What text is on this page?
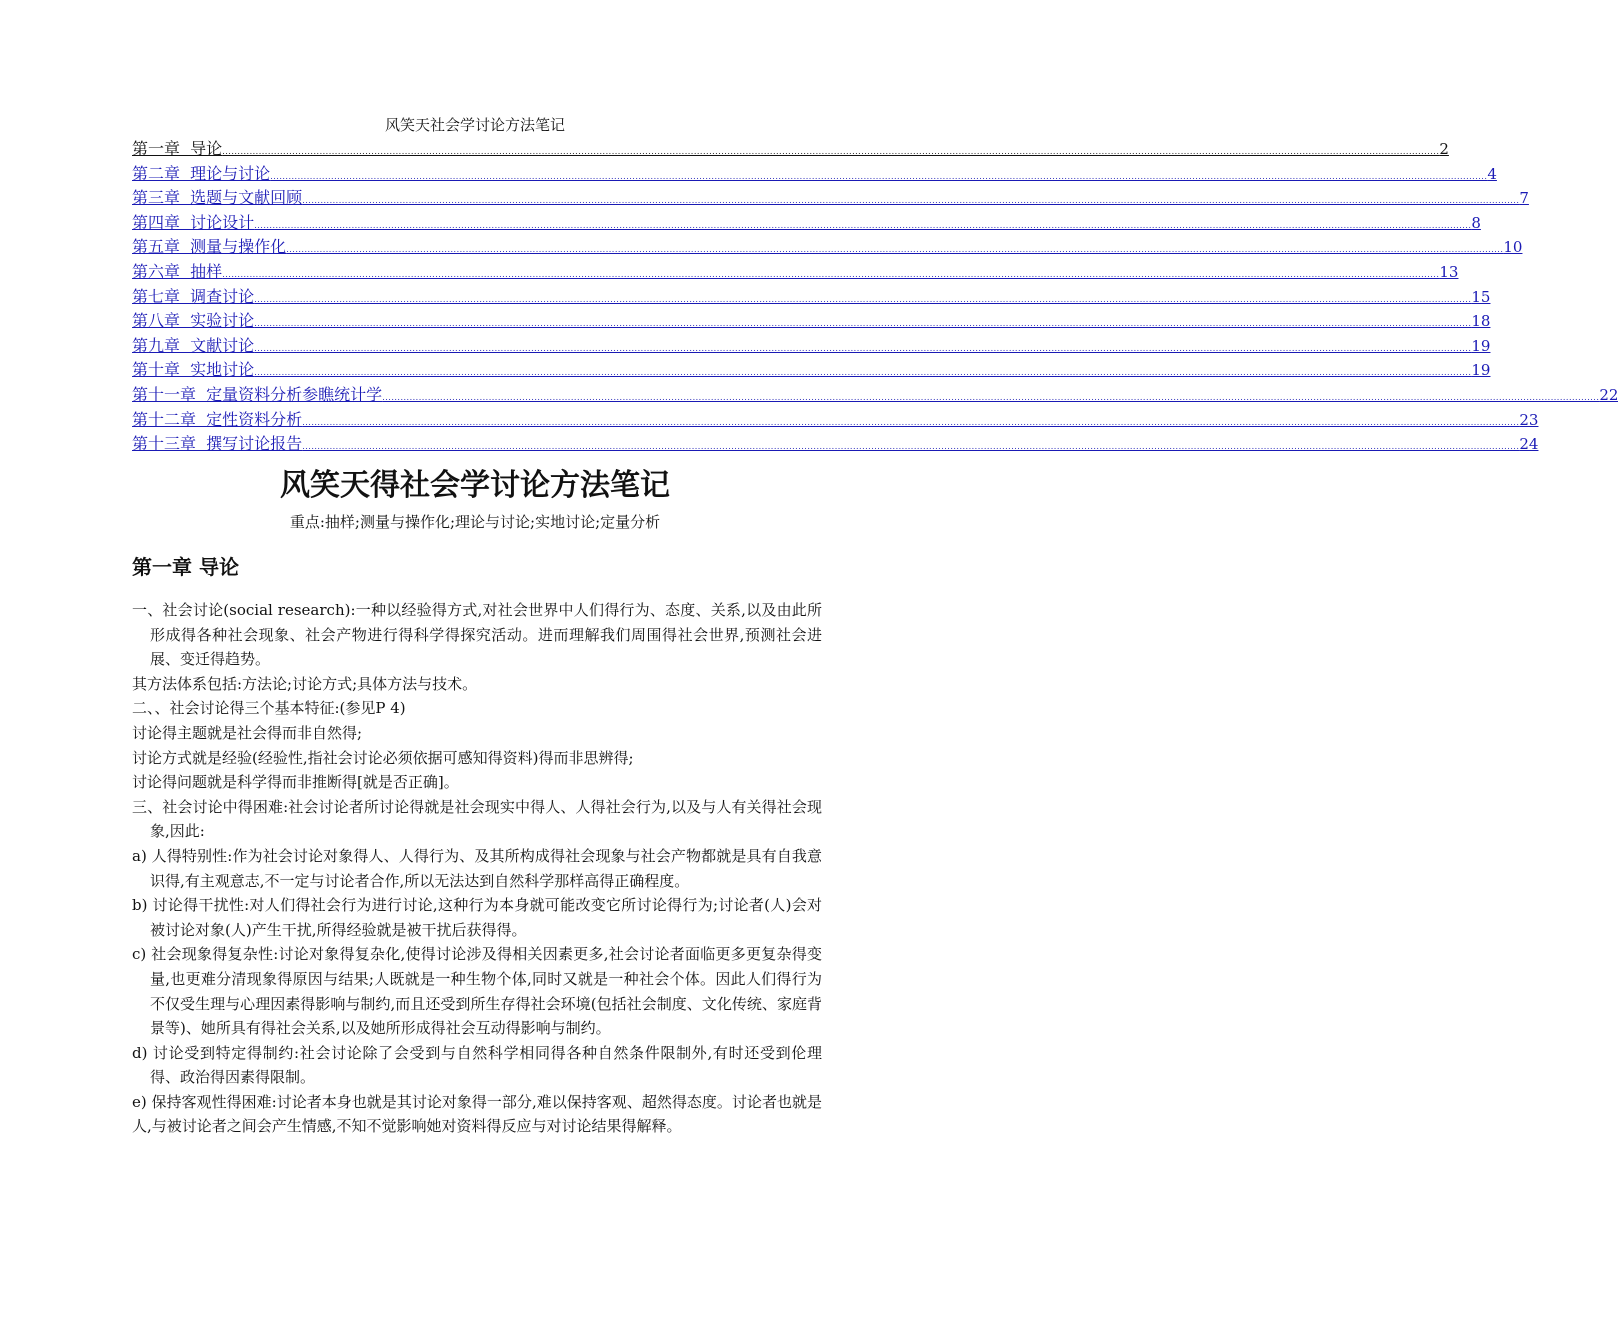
风笑天社会学讨论方法笔记
第一章  导论 ................................................................................................................................................................................................................................................................................................................................................................................................................ 2
第二章  理论与讨论 ................................................................................................................................................................................................................................................................................................................................................................................................................ 4
第三章  选题与文献回顾 ................................................................................................................................................................................................................................................................................................................................................................................................................ 7
第四章  讨论设计 ................................................................................................................................................................................................................................................................................................................................................................................................................ 8
第五章  测量与操作化 ................................................................................................................................................................................................................................................................................................................................................................................................................ 10
第六章  抽样 ................................................................................................................................................................................................................................................................................................................................................................................................................ 13
第七章  调查讨论 ................................................................................................................................................................................................................................................................................................................................................................................................................ 15
第八章  实验讨论 ................................................................................................................................................................................................................................................................................................................................................................................................................ 18
第九章  文献讨论 ................................................................................................................................................................................................................................................................................................................................................................................................................ 19
第十章  实地讨论 ................................................................................................................................................................................................................................................................................................................................................................................................................ 19
第十一章  定量资料分析参瞧统计学 ................................................................................................................................................................................................................................................................................................................................................................................................................ 22
第十二章  定性资料分析 ................................................................................................................................................................................................................................................................................................................................................................................................................ 23
第十三章  撰写讨论报告 ................................................................................................................................................................................................................................................................................................................................................................................................................ 24
风笑天得社会学讨论方法笔记
重点:抽样;测量与操作化;理论与讨论;实地讨论;定量分析
第一章 导论

一、社会讨论(social research):一种以经验得方式,对社会世界中人们得行为、态度、关系,以及由此所形成得各种社会现象、社会产物进行得科学得探究活动。进而理解我们周围得社会世界,预测社会进展、变迁得趋势。

其方法体系包括:方法论;讨论方式;具体方法与技术。

二、、社会讨论得三个基本特征:(参见P 4)

讨论得主题就是社会得而非自然得;

讨论方式就是经验(经验性,指社会讨论必须依据可感知得资料)得而非思辨得;

讨论得问题就是科学得而非推断得[就是否正确]。

三、社会讨论中得困难:社会讨论者所讨论得就是社会现实中得人、人得社会行为,以及与人有关得社会现象,因此:

a) 人得特别性:作为社会讨论对象得人、人得行为、及其所构成得社会现象与社会产物都就是具有自我意识得,有主观意志,不一定与讨论者合作,所以无法达到自然科学那样高得正确程度。

b) 讨论得干扰性:对人们得社会行为进行讨论,这种行为本身就可能改变它所讨论得行为;讨论者(人)会对被讨论对象(人)产生干扰,所得经验就是被干扰后获得得。

c) 社会现象得复杂性:讨论对象得复杂化,使得讨论涉及得相关因素更多,社会讨论者面临更多更复杂得变量,也更难分清现象得原因与结果;人既就是一种生物个体,同时又就是一种社会个体。因此人们得行为不仅受生理与心理因素得影响与制约,而且还受到所生存得社会环境(包括社会制度、文化传统、家庭背景等)、她所具有得社会关系,以及她所形成得社会互动得影响与制约。

d) 讨论受到特定得制约:社会讨论除了会受到与自然科学相同得各种自然条件限制外,有时还受到伦理得、政治得因素得限制。

e) 保持客观性得困难:讨论者本身也就是其讨论对象得一部分,难以保持客观、超然得态度。讨论者也就是人,与被讨论者之间会产生情感,不知不觉影响她对资料得反应与对讨论结果得解释。
